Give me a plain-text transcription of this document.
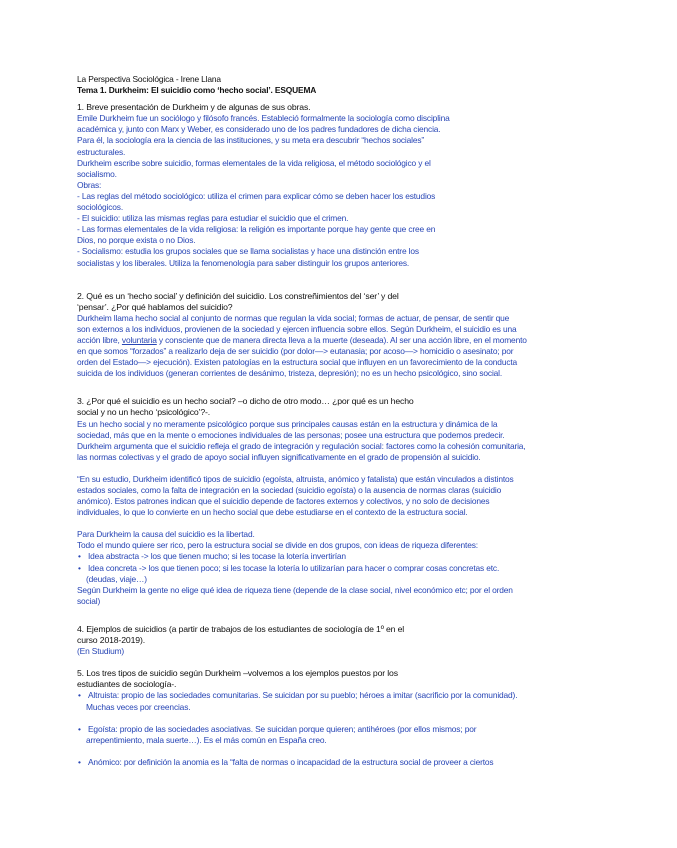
La Perspectiva Sociológica - Irene Llana
Tema 1. Durkheim: El suicidio como ‘hecho social’. ESQUEMA
1. Breve presentación de Durkheim y de algunas de sus obras.
Emile Durkheim fue un sociólogo y filósofo francés. Estableció formalmente la sociología como disciplina
académica y, junto con Marx y Weber, es considerado uno de los padres fundadores de dicha ciencia.
Para él, la sociología era la ciencia de las instituciones, y su meta era descubrir “hechos sociales”
estructurales.
Durkheim escribe sobre suicidio, formas elementales de la vida religiosa, el método sociológico y el
socialismo.
Obras:
- Las reglas del método sociológico: utiliza el crimen para explicar cómo se deben hacer los estudios
sociológicos.
- El suicidio: utiliza las mismas reglas para estudiar el suicidio que el crimen.
- Las formas elementales de la vida religiosa: la religión es importante porque hay gente que cree en
Dios, no porque exista o no Dios.
- Socialismo: estudia los grupos sociales que se llama socialistas y hace una distinción entre los
socialistas y los liberales. Utiliza la fenomenología para saber distinguir los grupos anteriores.
2. Qué es un ‘hecho social’ y definición del suicidio. Los constreñimientos del ‘ser’ y del
‘pensar’. ¿Por qué hablamos del suicidio?
Durkheim llama hecho social al conjunto de normas que regulan la vida social; formas de actuar, de pensar, de sentir que
son externos a los individuos, provienen de la sociedad y ejercen influencia sobre ellos. Según Durkheim, el suicidio es una
acción libre, voluntaria y consciente que de manera directa lleva a la muerte (deseada). Al ser una acción libre, en el momento
en que somos “forzados” a realizarlo deja de ser suicidio (por dolor—> eutanasia; por acoso—> homicidio o asesinato; por
orden del Estado—> ejecución). Existen patologías en la estructura social que influyen en un favorecimiento de la conducta
suicida de los individuos (generan corrientes de desánimo, tristeza, depresión); no es un hecho psicológico, sino social.
3. ¿Por qué el suicidio es un hecho social? –o dicho de otro modo… ¿por qué es un hecho
social y no un hecho ‘psicológico’?-.
Es un hecho social y no meramente psicológico porque sus principales causas están en la estructura y dinámica de la
sociedad, más que en la mente o emociones individuales de las personas; posee una estructura que podemos predecir.
Durkheim argumenta que el suicidio refleja el grado de integración y regulación social: factores como la cohesión comunitaria,
las normas colectivas y el grado de apoyo social influyen significativamente en el grado de propensión al suicidio.
“En su estudio, Durkheim identificó tipos de suicidio (egoísta, altruista, anómico y fatalista) que están vinculados a distintos
estados sociales, como la falta de integración en la sociedad (suicidio egoísta) o la ausencia de normas claras (suicidio
anómico). Estos patrones indican que el suicidio depende de factores externos y colectivos, y no solo de decisiones
individuales, lo que lo convierte en un hecho social que debe estudiarse en el contexto de la estructura social.
Para Durkheim la causa del suicidio es la libertad.
Todo el mundo quiere ser rico, pero la estructura social se divide en dos grupos, con ideas de riqueza diferentes:
• Idea abstracta -> los que tienen mucho; si les tocase la lotería invertirían
• Idea concreta -> los que tienen poco; si les tocase la lotería lo utilizarían para hacer o comprar cosas concretas etc.
(deudas, viaje…)
Según Durkheim la gente no elige qué idea de riqueza tiene (depende de la clase social, nivel económico etc; por el orden
social)
4. Ejemplos de suicidios (a partir de trabajos de los estudiantes de sociología de 1º en el
curso 2018-2019).
(En Studium)
5. Los tres tipos de suicidio según Durkheim –volvemos a los ejemplos puestos por los
estudiantes de sociología-.
• Altruista: propio de las sociedades comunitarias. Se suicidan por su pueblo; héroes a imitar (sacrificio por la comunidad).
Muchas veces por creencias.
• Egoísta: propio de las sociedades asociativas. Se suicidan porque quieren; antihéroes (por ellos mismos; por
arrepentimiento, mala suerte…). Es el más común en España creo.
• Anómico: por definición la anomia es la “falta de normas o incapacidad de la estructura social de proveer a ciertos
